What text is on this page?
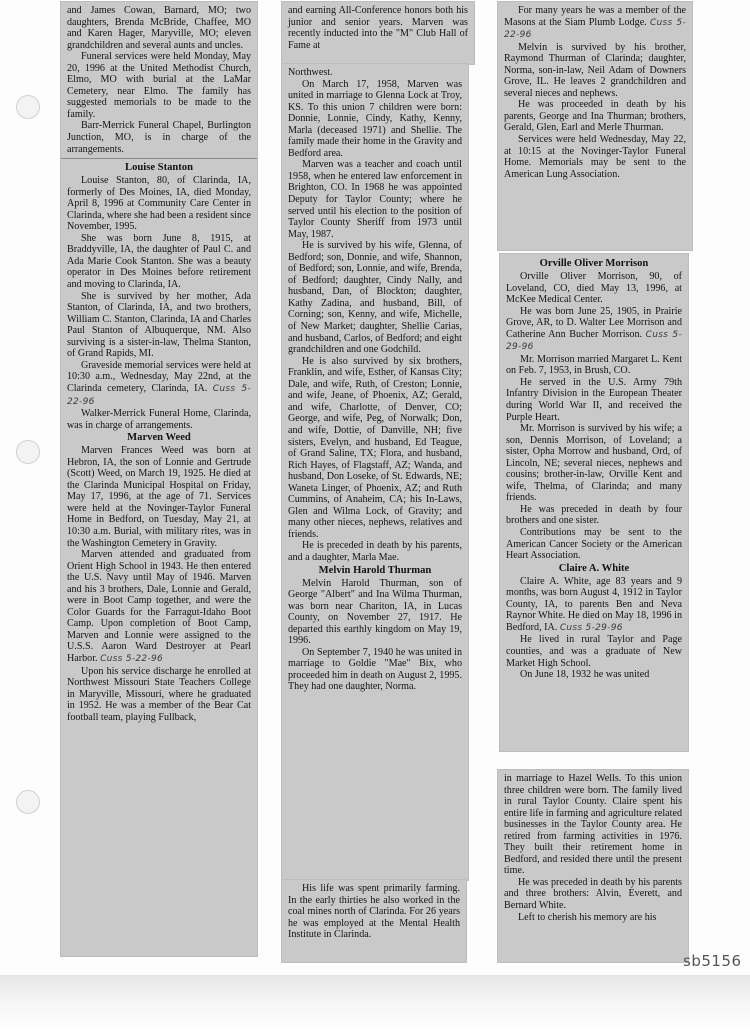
and James Cowan, Barnard, MO; two daughters, Brenda McBride, Chaffee, MO and Karen Hager, Maryville, MO; eleven grandchildren and several aunts and uncles.

Funeral services were held Monday, May 20, 1996 at the United Methodist Church, Elmo, MO with burial at the LaMar Cemetery, near Elmo. The family has suggested memorials to be made to the family.

Barr-Merrick Funeral Chapel, Burlington Junction, MO, is in charge of the arrangements.

Louise Stanton

Louise Stanton, 80, of Clarinda, IA, formerly of Des Moines, IA, died Monday, April 8, 1996 at Community Care Center in Clarinda, where she had been a resident since November, 1995.

She was born June 8, 1915, at Braddyville, IA, the daughter of Paul C. and Ada Marie Cook Stanton. She was a beauty operator in Des Moines before retirement and moving to Clarinda, IA.

She is survived by her mother, Ada Stanton, of Clarinda, IA, and two brothers, William C. Stanton, Clarinda, IA and Charles Paul Stanton of Albuquerque, NM. Also surviving is a sister-in-law, Thelma Stanton, of Grand Rapids, MI.

Graveside memorial services were held at 10:30 a.m., Wednesday, May 22nd, at the Clarinda cemetery, Clarinda, IA. Cuss 5-22-96

Walker-Merrick Funeral Home, Clarinda, was in charge of arrangements.

Marven Weed

Marven Frances Weed was born at Hebron, IA, the son of Lonnie and Gertrude (Scott) Weed, on March 19, 1925. He died at the Clarinda Municipal Hospital on Friday, May 17, 1996, at the age of 71. Services were held at the Novinger-Taylor Funeral Home in Bedford, on Tuesday, May 21, at 10:30 a.m. Burial, with military rites, was in the Washington Cemetery in Gravity.

Marven attended and graduated from Orient High School in 1943. He then entered the U.S. Navy until May of 1946. Marven and his 3 brothers, Dale, Lonnie and Gerald, were in Boot Camp together, and were the Color Guards for the Farragut-Idaho Boot Camp. Upon completion of Boot Camp, Marven and Lonnie were assigned to the U.S.S. Aaron Ward Destroyer at Pearl Harbor. Cuss 5-22-96

Upon his service discharge he enrolled at Northwest Missouri State Teachers College in Maryville, Missouri, where he graduated in 1952. He was a member of the Bear Cat football team, playing Fullback,

and earning All-Conference honors both his junior and senior years. Marven was recently inducted into the "M" Club Hall of Fame at

Northwest.

On March 17, 1958, Marven was united in marriage to Glenna Lock at Troy, KS. To this union 7 children were born: Donnie, Lonnie, Cindy, Kathy, Kenny, Marla (deceased 1971) and Shellie. The family made their home in the Gravity and Bedford area.

Marven was a teacher and coach until 1958, when he entered law enforcement in Brighton, CO. In 1968 he was appointed Deputy for Taylor County; where he served until his election to the position of Taylor County Sheriff from 1973 until May, 1987.

He is survived by his wife, Glenna, of Bedford; son, Donnie, and wife, Shannon, of Bedford; son, Lonnie, and wife, Brenda, of Bedford; daughter, Cindy Nally, and husband, Dan, of Blockton; daughter, Kathy Zadina, and husband, Bill, of Corning; son, Kenny, and wife, Michelle, of New Market; daughter, Shellie Carias, and husband, Carlos, of Bedford; and eight grandchildren and one Godchild.

He is also survived by six brothers, Franklin, and wife, Esther, of Kansas City; Dale, and wife, Ruth, of Creston; Lonnie, and wife, Jeane, of Phoenix, AZ; Gerald, and wife, Charlotte, of Denver, CO; George, and wife, Peg, of Norwalk; Don, and wife, Dottie, of Danville, NH; five sisters, Evelyn, and husband, Ed Teague, of Grand Saline, TX; Flora, and husband, Rich Hayes, of Flagstaff, AZ; Wanda, and husband, Don Loseke, of St. Edwards, NE; Waneta Linger, of Phoenix, AZ; and Ruth Cummins, of Anaheim, CA; his In-Laws, Glen and Wilma Lock, of Gravity; and many other nieces, nephews, relatives and friends.

He is preceded in death by his parents, and a daughter, Marla Mae.

Melvin Harold Thurman

Melvin Harold Thurman, son of George "Albert" and Ina Wilma Thurman, was born near Chariton, IA, in Lucas County, on November 27, 1917. He departed this earthly kingdom on May 19, 1996.

On September 7, 1940 he was united in marriage to Goldie "Mae" Bix, who proceeded him in death on August 2, 1995. They had one daughter, Norma.

His life was spent primarily farming. In the early thirties he also worked in the coal mines north of Clarinda. For 26 years he was employed at the Mental Health Institute in Clarinda.

For many years he was a member of the Masons at the Siam Plumb Lodge. Cuss 5-22-96

Melvin is survived by his brother, Raymond Thurman of Clarinda; daughter, Norma, son-in-law, Neil Adam of Downers Grove, IL. He leaves 2 grandchildren and several nieces and nephews.

He was proceeded in death by his parents, George and Ina Thurman; brothers, Gerald, Glen, Earl and Merle Thurman.

Services were held Wednesday, May 22, at 10:15 at the Novinger-Taylor Funeral Home. Memorials may be sent to the American Lung Association.

Orville Oliver Morrison

Orville Oliver Morrison, 90, of Loveland, CO, died May 13, 1996, at McKee Medical Center.

He was born June 25, 1905, in Prairie Grove, AR, to D. Walter Lee Morrison and Catherine Ann Bucher Morrison. Cuss 5-29-96

Mr. Morrison married Margaret L. Kent on Feb. 7, 1953, in Brush, CO.

He served in the U.S. Army 79th Infantry Division in the European Theater during World War II, and received the Purple Heart.

Mr. Morrison is survived by his wife; a son, Dennis Morrison, of Loveland; a sister, Opha Morrow and husband, Ord, of Lincoln, NE; several nieces, nephews and cousins; brother-in-law, Orville Kent and wife, Thelma, of Clarinda; and many friends.

He was preceded in death by four brothers and one sister.

Contributions may be sent to the American Cancer Society or the American Heart Association.

Claire A. White

Claire A. White, age 83 years and 9 months, was born August 4, 1912 in Taylor County, IA, to parents Ben and Neva Raynor White. He died on May 18, 1996 in Bedford, IA. Cuss 5-29-96

He lived in rural Taylor and Page counties, and was a graduate of New Market High School.

On June 18, 1932 he was united

in marriage to Hazel Wells. To this union three children were born. The family lived in rural Taylor County. Claire spent his entire life in farming and agriculture related businesses in the Taylor County area. He retired from farming activities in 1976. They built their retirement home in Bedford, and resided there until the present time.

He was preceded in death by his parents and three brothers: Alvin, Everett, and Bernard White.

Left to cherish his memory are his

sb5156
